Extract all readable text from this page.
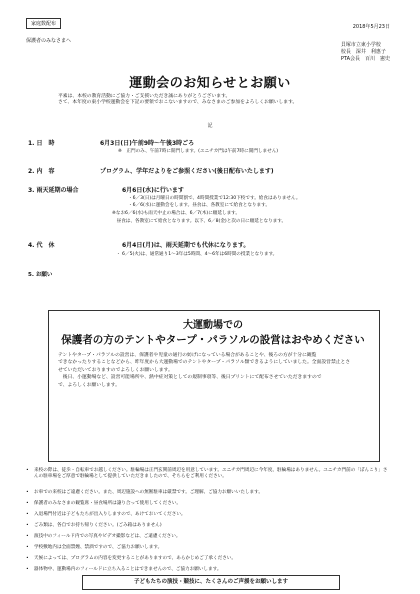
家庭数配布	2018年5月23日
保護者のみなさまへ
貝塚市立東小学校
校長　深井　利惠子
PTA会長　百川　憲史
運動会のお知らせとお願い
平素は、本校の教育活動にご協力・ご支援いただき誠にありがとうございます。
さて、本年度の東小学校運動会を下記の要領でおこないますので、みなさまのご参加をよろしくお願いします。
記
1. 日　時	6月3日(日)午前9時〜午後3時ごろ
※　正門のみ、午前7時に開門します。(ユニチカ門は午前7時に開門しません)
2. 内　容	プログラム、学年だよりをご参照ください(後日配布いたします)
3. 雨天延期の場合	6月6日(水)に行います
・6／3(日)は月曜日の時間割で、4時間授業で12:30下校です。給食はありません。
・6／6(水)に運動会をします。昼食は、各教室にて給食となります。
※なお6／6(水)も雨天中止の場合は、6／7(木)に順延します。
　昼食は、各教室にて給食となります。以下、6／8(金)と次の日に順延となります。
4. 代　休	6月4日(月)は、雨天延期でも代休になります。
・ 6／5(火)は、通常通り1〜3年は5時間、4〜6年は6時間の授業となります。
5. お願い
大運動場での
保護者の方のテントやタープ・パラソルの設営はおやめください
テントやタープ・パラソルの設営は、保護者や児童の通行の妨げになっている場合があることや、後ろの方が十分に観覧
できなかったりすることなどから、昨年度から大運動場でのテントやタープ・パラソル類できるようにしていました。全面設営禁止とさ
せていただいておりますのでよろしくお願いします。
　後日、小運動場など、設営可能場所や、熱中症対策としての規制事項等、後日プリントにて配布させていただきますので
で、よろしくお願いします。
• 来校の際は、徒歩・自転車でお越しください。駐輪場は正門玄関前周辺を用意しています。ユニチカ門周辺に今年度、駐輪場はありません。ユニチカ門前の「ぽんこり」さんの駐車場をご厚意で駐輪場として提供していただきましたので、そちらをご利用ください。
• お車での来校はご遠慮ください。また、周辺施設への無断駐車は厳禁です。ご理解、ご協力お願いいたします。
• 保護者のみなさまの観覧席・昼食場所は譲り合って使用してください。
• 入退場門付近は子どもたちが出入りしますので、あけておいてください。
• ごみ類は、各自でお持ち帰りください。(ごみ箱はありません)
• 演技中のフィールド内での写真やビデオ撮影などは、ご遠慮ください。
• 学校敷地内は全面禁煙、禁酒ですので、ご協力お願いします。
• 天候によっては、プログラムの内容を変更することがありますので、あらかじめご了承ください。
• 器体物中、運動場内のフィールドに立ち入ることはできませんので、ご協力お願いします。
子どもたちの演技・競技に、たくさんのご声援をお願いします
